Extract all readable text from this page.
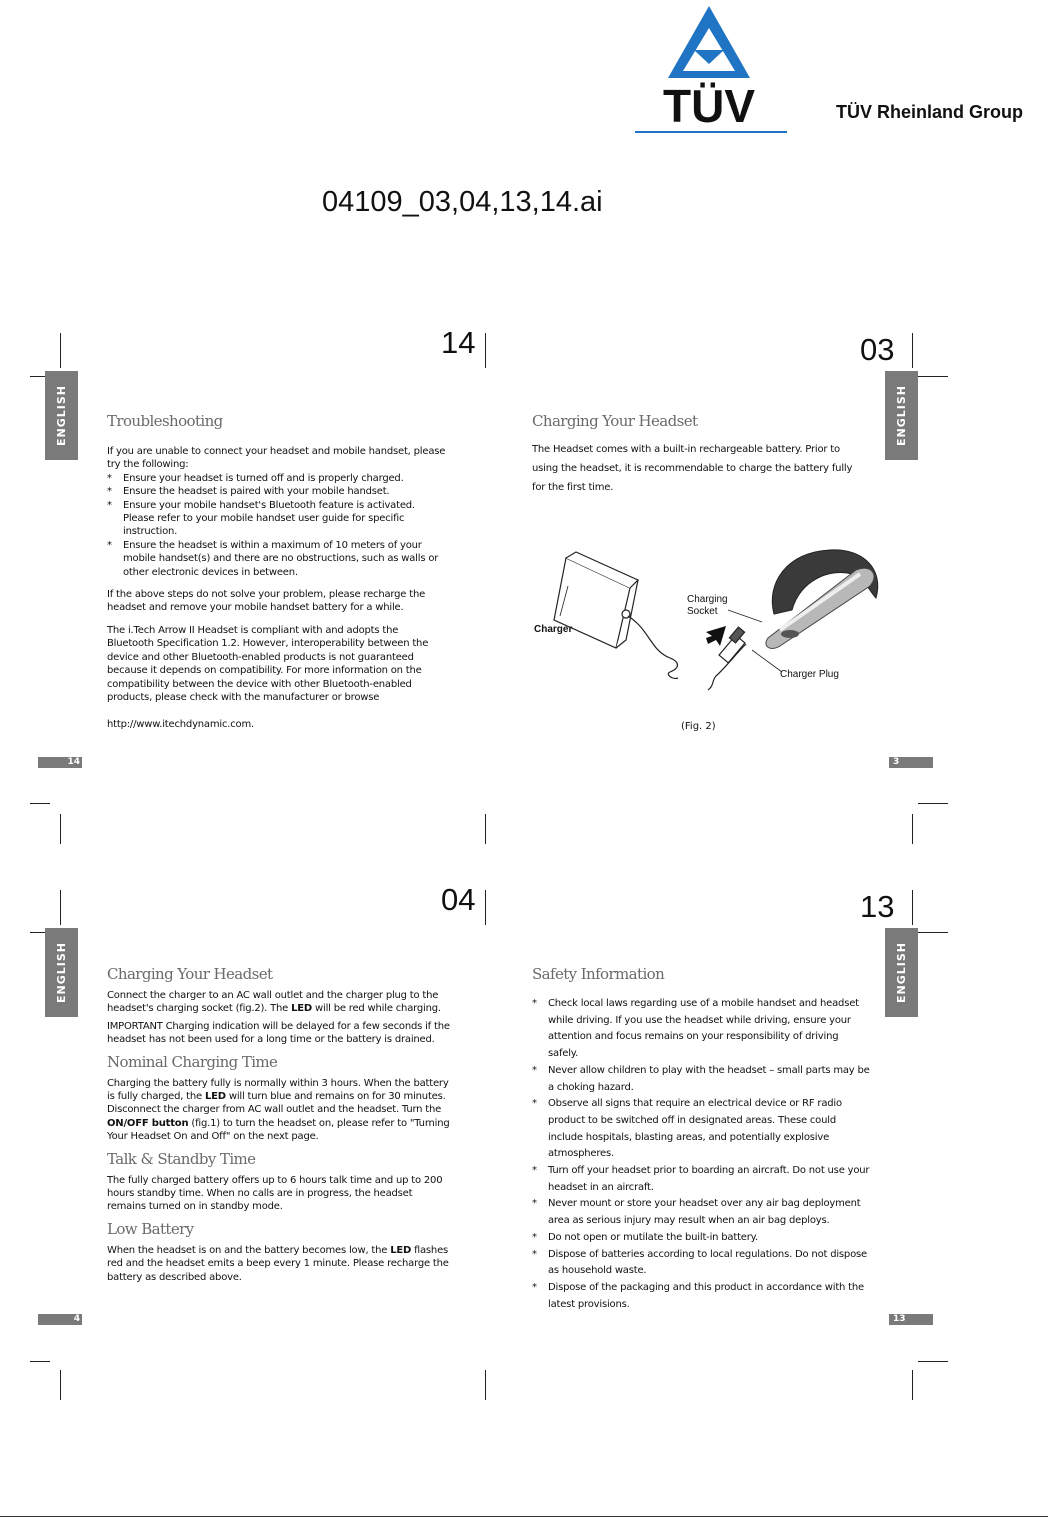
TÜV	TÜV Rheinland Group
04109_03,04,13,14.ai
14
ENGLISH	Troubleshooting

If you are unable to connect your headset and mobile handset, please try the following:

* Ensure your headset is turned off and is properly charged.
* Ensure the headset is paired with your mobile handset.
* Ensure your mobile handset's Bluetooth feature is activated. Please refer to your mobile handset user guide for specific instruction.
* Ensure the headset is within a maximum of 10 meters of your mobile handset(s) and there are no obstructions, such as walls or other electronic devices in between.

If the above steps do not solve your problem, please recharge the headset and remove your mobile handset battery for a while.

The i.Tech Arrow II Headset is compliant with and adopts the Bluetooth Specification 1.2. However, interoperability between the device and other Bluetooth-enabled products is not guaranteed because it depends on compatibility. For more information on the compatibility between the device with other Bluetooth-enabled products, please check with the manufacturer or browse

http://www.itechdynamic.com.

14
03
ENGLISH
Charging Your Headset
The Headset comes with a built-in rechargeable battery. Prior to using the headset, it is recommendable to charge the battery fully for the first time.
Charger
Charging
Socket
Charger Plug
(Fig. 2)
3
04
ENGLISH	Charging Your Headset
Connect the charger to an AC wall outlet and the charger plug to the headset's charging socket (fig.2). The LED will be red while charging.
IMPORTANT Charging indication will be delayed for a few seconds if the headset has not been used for a long time or the battery is drained.
Nominal Charging Time
Charging the battery fully is normally within 3 hours. When the battery is fully charged, the LED will turn blue and remains on for 30 minutes. Disconnect the charger from AC wall outlet and the headset. Turn the ON/OFF button (fig.1) to turn the headset on, please refer to "Turning Your Headset On and Off" on the next page.
Talk & Standby Time
The fully charged battery offers up to 6 hours talk time and up to 200 hours standby time. When no calls are in progress, the headset remains turned on in standby mode.
Low Battery
When the headset is on and the battery becomes low, the LED flashes red and the headset emits a beep every 1 minute. Please recharge the battery as described above.
4
13
ENGLISH
Safety Information
* Check local laws regarding use of a mobile handset and headset while driving. If you use the headset while driving, ensure your attention and focus remains on your responsibility of driving safely.
* Never allow children to play with the headset – small parts may be a choking hazard.
* Observe all signs that require an electrical device or RF radio product to be switched off in designated areas. These could include hospitals, blasting areas, and potentially explosive atmospheres.
* Turn off your headset prior to boarding an aircraft. Do not use your headset in an aircraft.
* Never mount or store your headset over any air bag deployment area as serious injury may result when an air bag deploys.
* Do not open or mutilate the built-in battery.
* Dispose of batteries according to local regulations. Do not dispose as household waste.
* Dispose of the packaging and this product in accordance with the latest provisions.
13
